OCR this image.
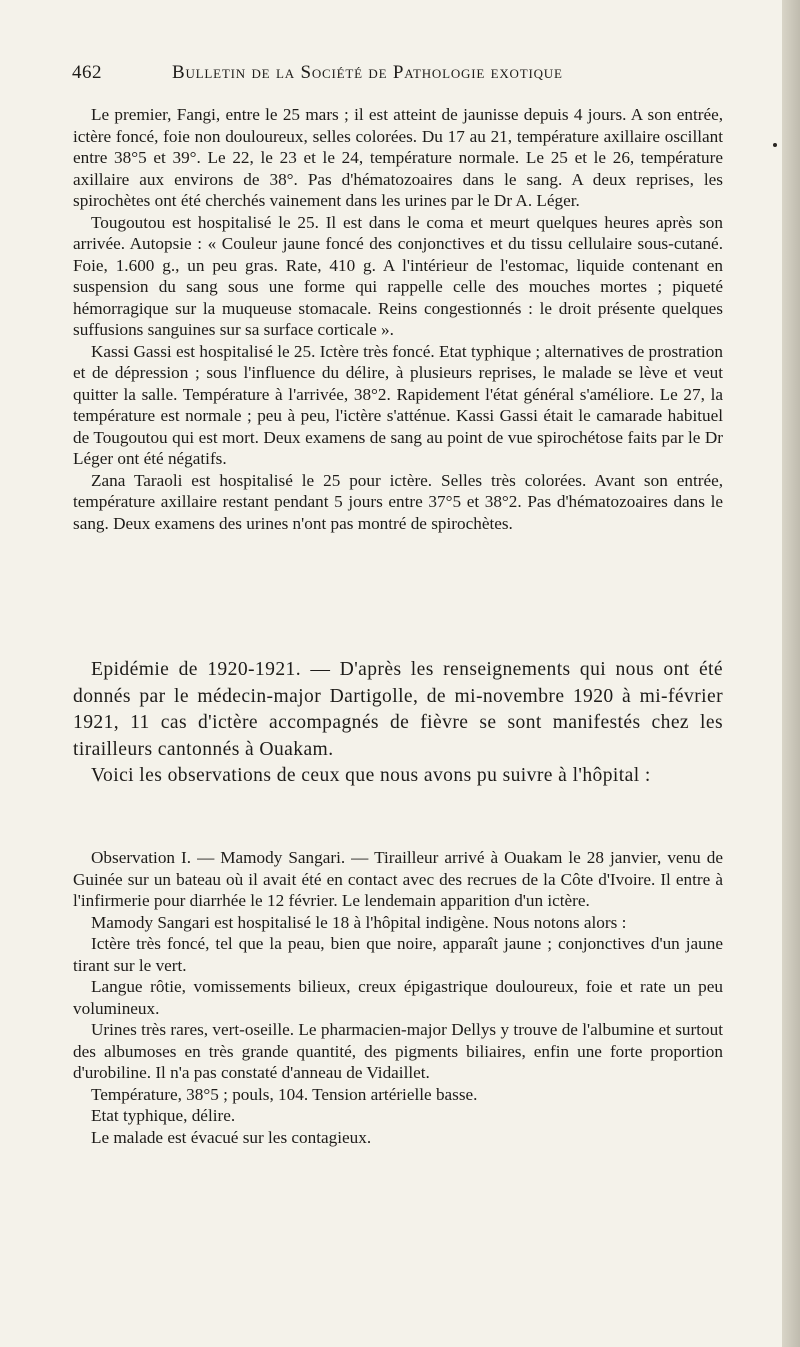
462	Bulletin de la Société de Pathologie exotique

Le premier, Fangi, entre le 25 mars ; il est atteint de jaunisse depuis 4 jours. A son entrée, ictère foncé, foie non douloureux, selles colorées. Du 17 au 21, température axillaire oscillant entre 38°5 et 39°. Le 22, le 23 et le 24, température normale. Le 25 et le 26, température axillaire aux environs de 38°. Pas d'hématozoaires dans le sang. A deux reprises, les spirochètes ont été cherchés vainement dans les urines par le Dr A. Léger.

Tougoutou est hospitalisé le 25. Il est dans le coma et meurt quelques heures après son arrivée. Autopsie : « Couleur jaune foncé des conjonctives et du tissu cellulaire sous-cutané. Foie, 1.600 g., un peu gras. Rate, 410 g. A l'intérieur de l'estomac, liquide contenant en suspension du sang sous une forme qui rappelle celle des mouches mortes ; piqueté hémorragique sur la muqueuse stomacale. Reins congestionnés : le droit présente quelques suffusions sanguines sur sa surface corticale ».

Kassi Gassi est hospitalisé le 25. Ictère très foncé. Etat typhique ; alternatives de prostration et de dépression ; sous l'influence du délire, à plusieurs reprises, le malade se lève et veut quitter la salle. Température à l'arrivée, 38°2. Rapidement l'état général s'améliore. Le 27, la température est normale ; peu à peu, l'ictère s'atténue. Kassi Gassi était le camarade habituel de Tougoutou qui est mort. Deux examens de sang au point de vue spirochétose faits par le Dr Léger ont été négatifs.

Zana Taraoli est hospitalisé le 25 pour ictère. Selles très colorées. Avant son entrée, température axillaire restant pendant 5 jours entre 37°5 et 38°2. Pas d'hématozoaires dans le sang. Deux examens des urines n'ont pas montré de spirochètes.

Epidémie de 1920-1921. — D'après les renseignements qui nous ont été donnés par le médecin-major Dartigolle, de mi-novembre 1920 à mi-février 1921, 11 cas d'ictère accompagnés de fièvre se sont manifestés chez les tirailleurs cantonnés à Ouakam.

Voici les observations de ceux que nous avons pu suivre à l'hôpital :

Observation I. — Mamody Sangari. — Tirailleur arrivé à Ouakam le 28 janvier, venu de Guinée sur un bateau où il avait été en contact avec des recrues de la Côte d'Ivoire. Il entre à l'infirmerie pour diarrhée le 12 février. Le lendemain apparition d'un ictère.

Mamody Sangari est hospitalisé le 18 à l'hôpital indigène. Nous notons alors :

Ictère très foncé, tel que la peau, bien que noire, apparaît jaune ; conjonctives d'un jaune tirant sur le vert.

Langue rôtie, vomissements bilieux, creux épigastrique douloureux, foie et rate un peu volumineux.

Urines très rares, vert-oseille. Le pharmacien-major Dellys y trouve de l'albumine et surtout des albumoses en très grande quantité, des pigments biliaires, enfin une forte proportion d'urobiline. Il n'a pas constaté d'anneau de Vidaillet.

Température, 38°5 ; pouls, 104. Tension artérielle basse.

Etat typhique, délire.

Le malade est évacué sur les contagieux.
